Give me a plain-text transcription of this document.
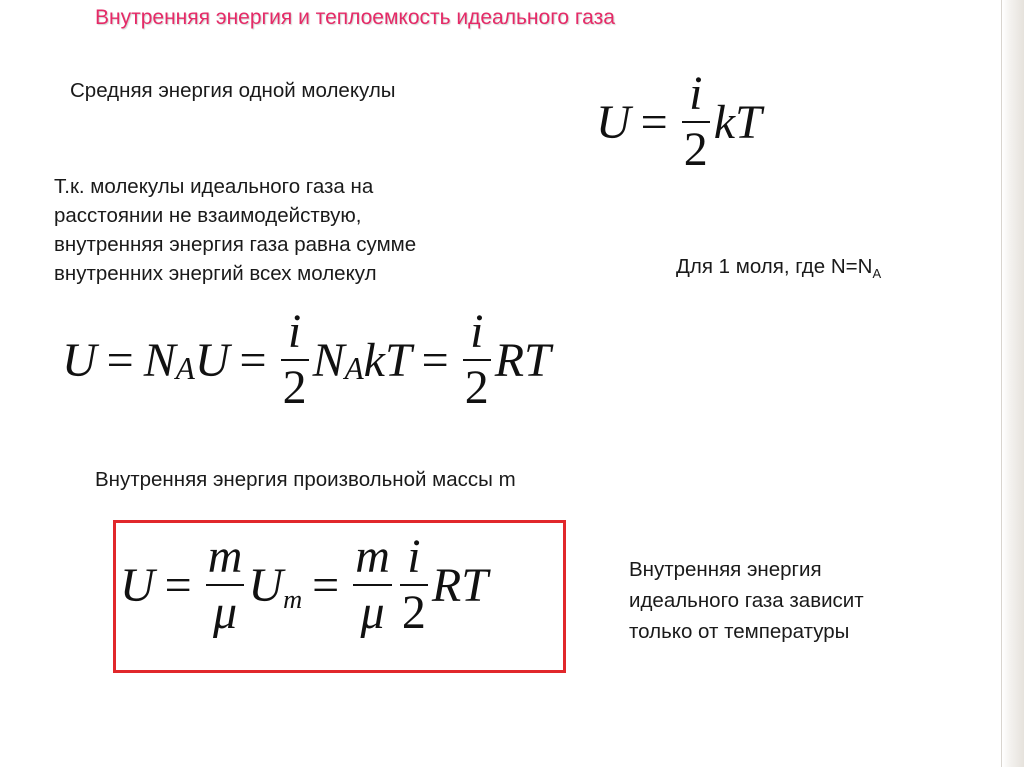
Внутренняя энергия и теплоемкость идеального газа
Средняя энергия одной молекулы
$U = \frac{i}{2}$ kT
Т.к. молекулы идеального газа на
расстоянии не взаимодействую,
внутренняя энергия газа равна сумме
внутренних энергий всех молекул	Для 1 моля, где $N=N_A$
U = N A $U = \frac{i}{2}$ N A kT = $\frac{i}{2}$ RT
Внутренняя энергия произвольной массы m
$U = \frac{m}{\mu}$ U $m = \frac{m}{\mu} \frac{i}{2}$ RT	Внутренняя энергия
идеального газа зависит
только от температуры
